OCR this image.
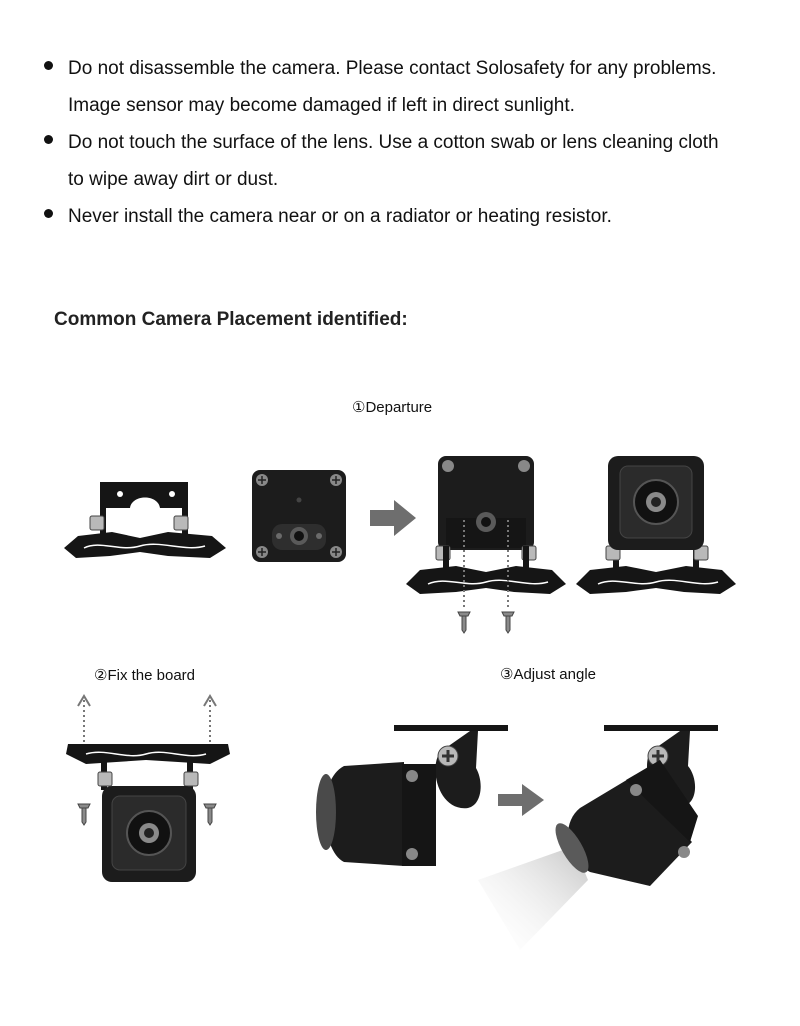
Do not disassemble the camera. Please contact Solosafety for any problems.
Image sensor may become damaged if left in direct sunlight.
Do not touch the surface of the lens. Use a cotton swab or lens cleaning cloth
to wipe away dirt or dust.
Never install the camera near or on a radiator or heating resistor.
Common Camera Placement identified:
①Departure
②Fix the board	③Adjust angle
